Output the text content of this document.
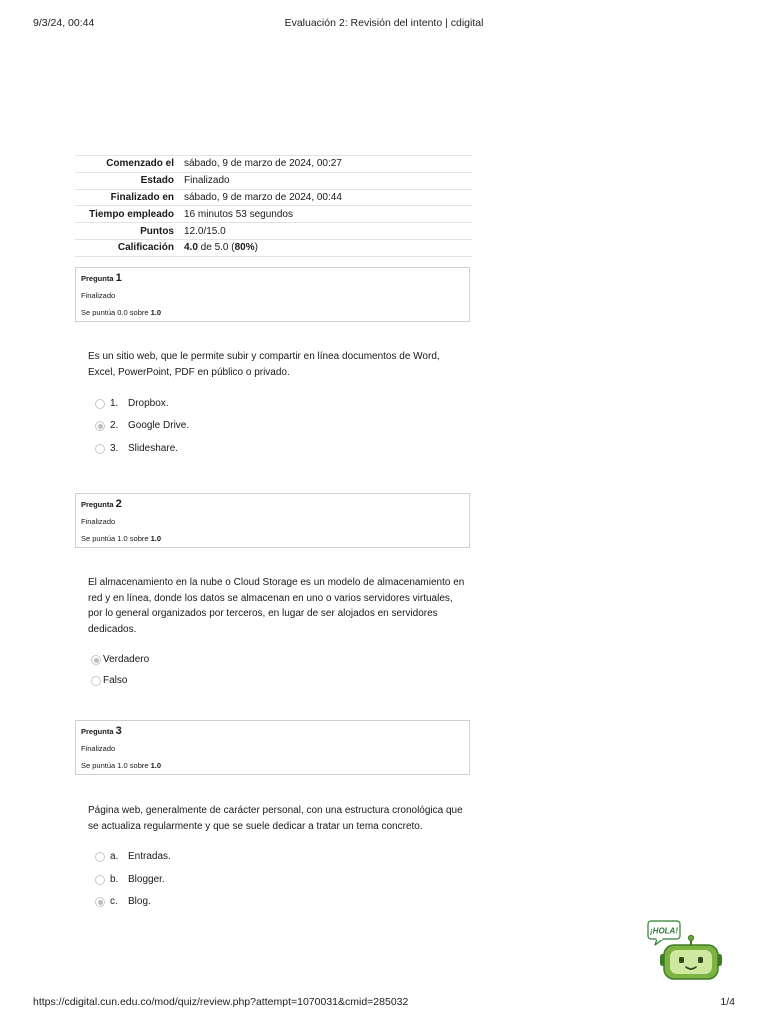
9/3/24, 00:44	Evaluación 2: Revisión del intento | cdigital
Comenzado el	sábado, 9 de marzo de 2024, 00:27
Estado	Finalizado
Finalizado en	sábado, 9 de marzo de 2024, 00:44
Tiempo empleado	16 minutos 53 segundos
Puntos	12.0/15.0
Calificación	4.0 de 5.0 (80%)
Pregunta 1
Finalizado
Se puntúa 0.0 sobre 1.0
Es un sitio web, que le permite subir y compartir en línea documentos de Word, Excel, PowerPoint, PDF en público o privado.
1. Dropbox.
2. Google Drive.
3. Slideshare.
Pregunta 2
Finalizado
Se puntúa 1.0 sobre 1.0
El almacenamiento en la nube o Cloud Storage es un modelo de almacenamiento en red y en línea, donde los datos se almacenan en uno o varios servidores virtuales, por lo general organizados por terceros, en lugar de ser alojados en servidores dedicados.
Verdadero
Falso
Pregunta 3
Finalizado
Se puntúa 1.0 sobre 1.0
Página web, generalmente de carácter personal, con una estructura cronológica que se actualiza regularmente y que se suele dedicar a tratar un tema concreto.
a. Entradas.
b. Blogger.
c. Blog.
¡HOLA!
https://cdigital.cun.edu.co/mod/quiz/review.php?attempt=1070031&cmid=285032	1/4
